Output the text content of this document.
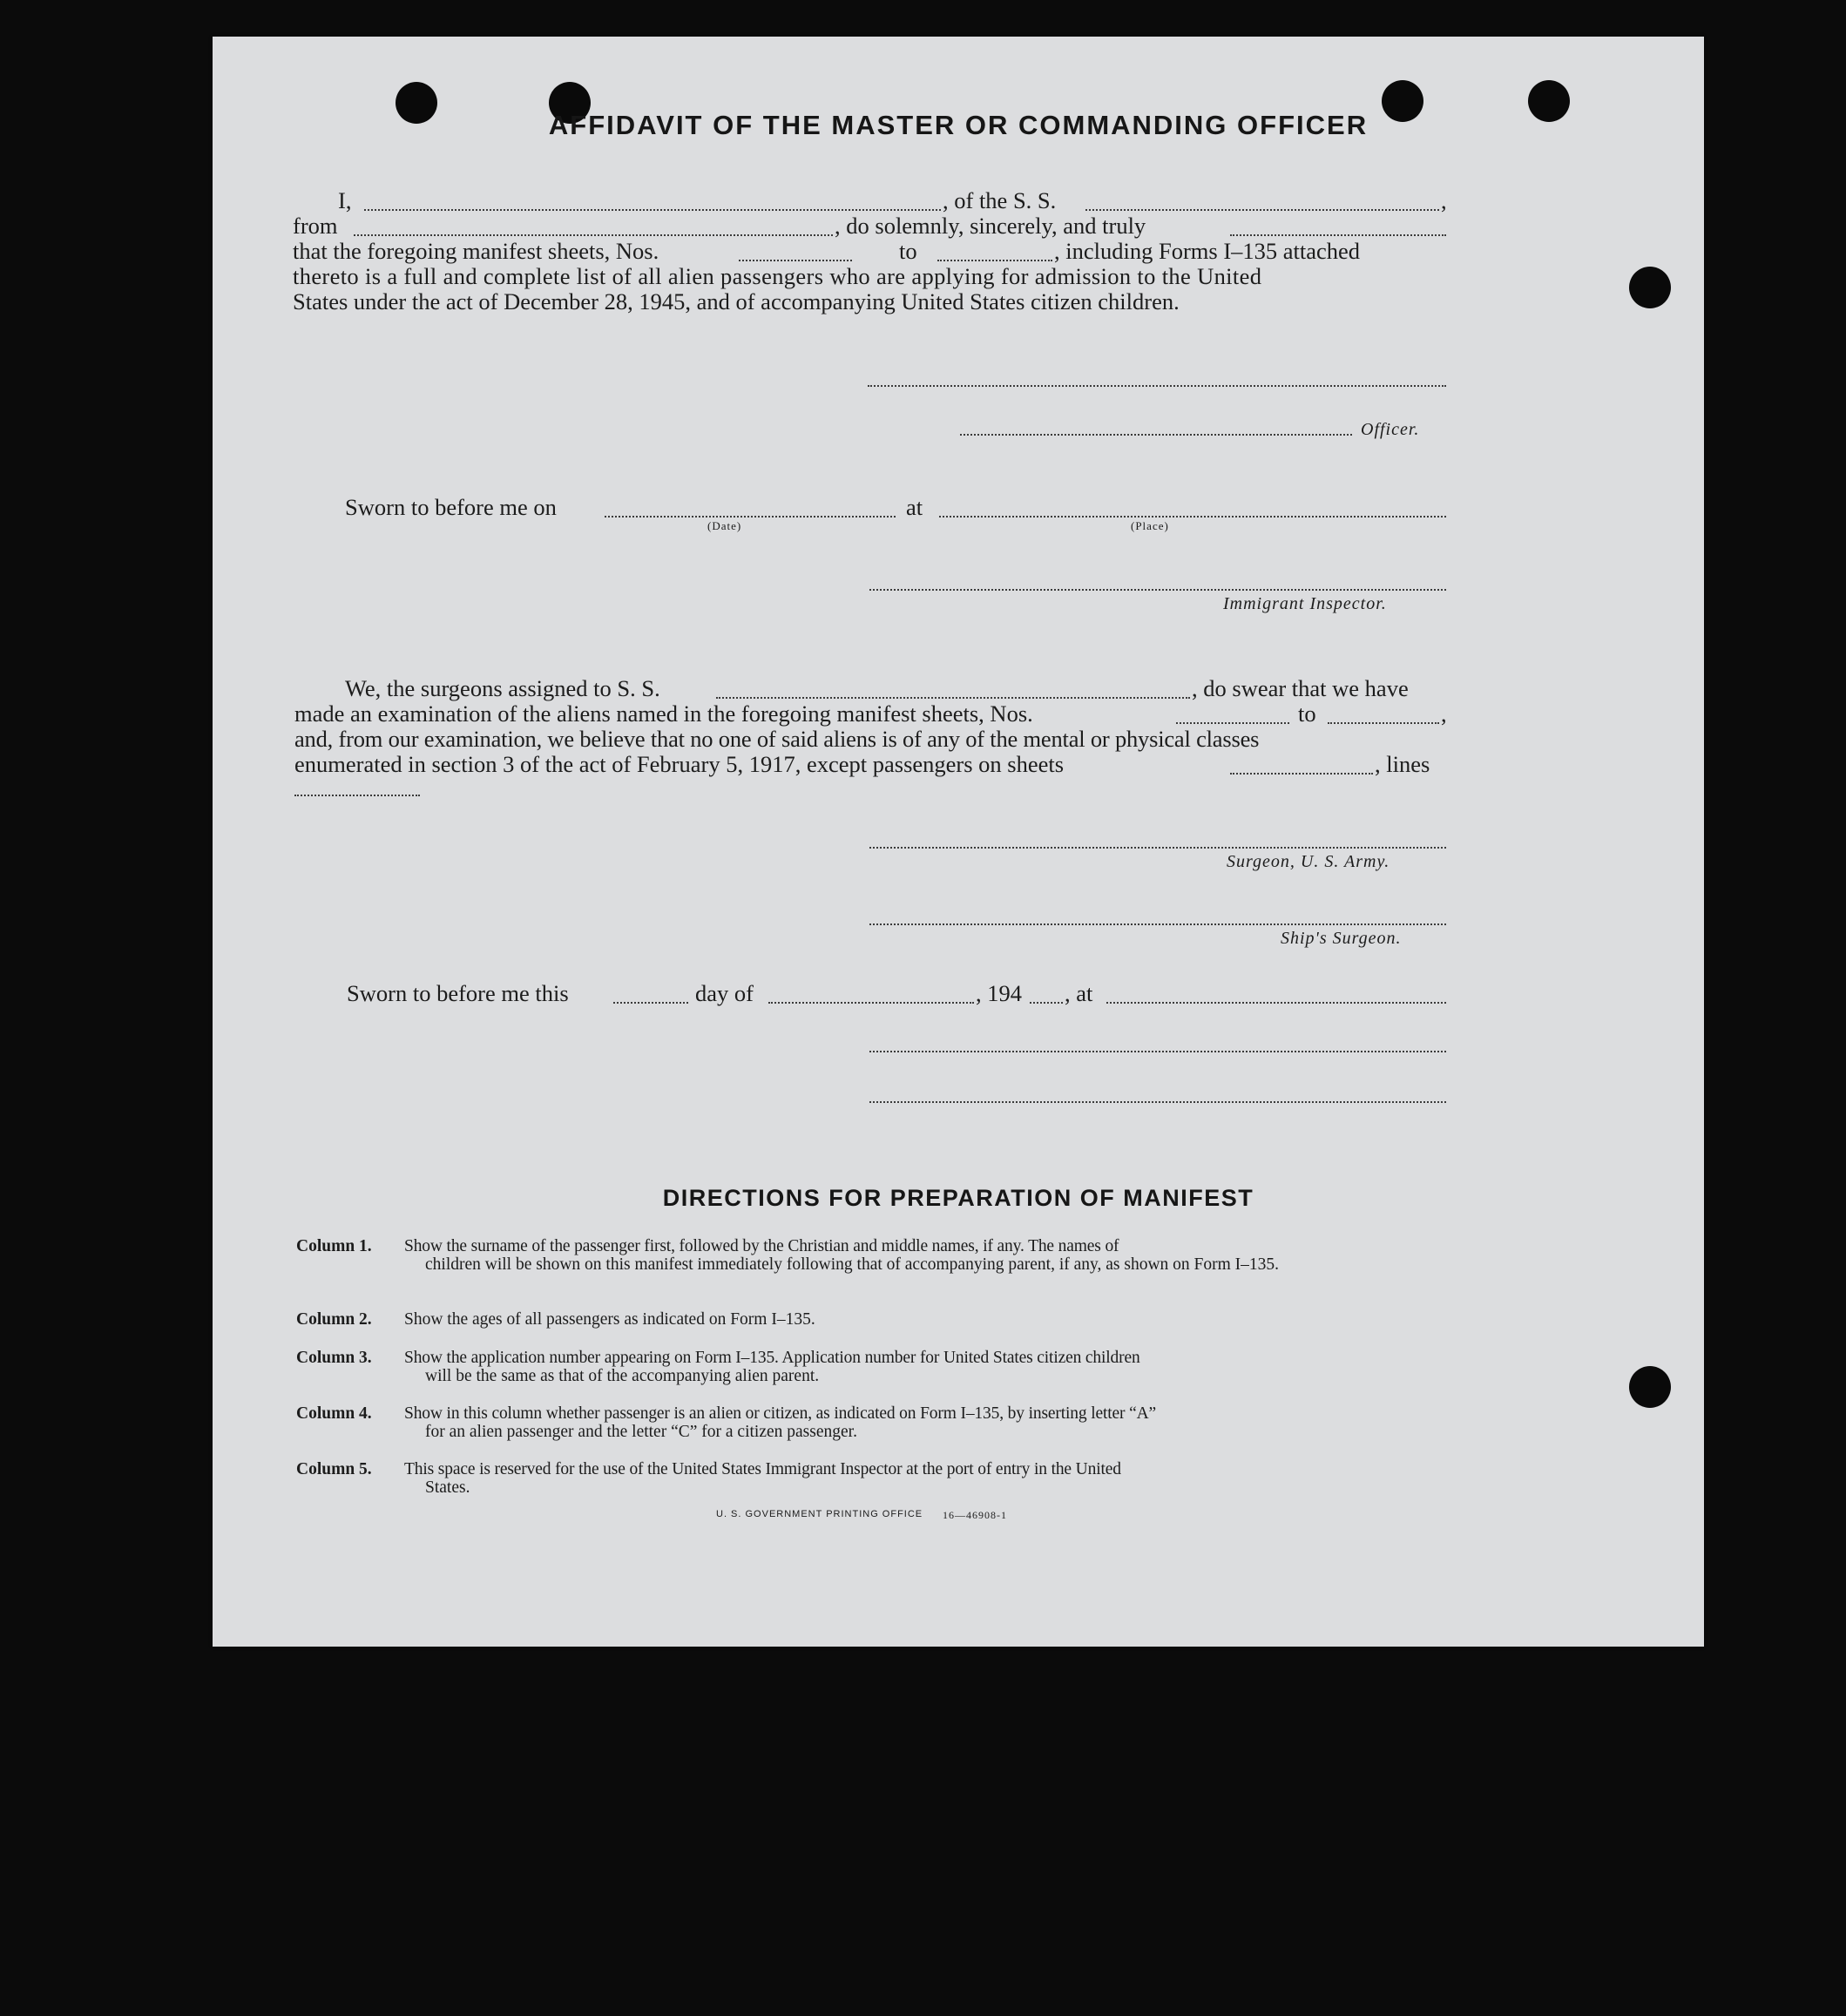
AFFIDAVIT OF THE MASTER OR COMMANDING OFFICER
I,	, of the S. S.	,
from	, do solemnly, sincerely, and truly
that the foregoing manifest sheets, Nos.	to	, including Forms I–135 attached
thereto is a full and complete list of all alien passengers who are applying for admission to the United
States under the act of December 28, 1945, and of accompanying United States citizen children.
Officer.
Sworn to before me on
(Date)
at
(Place)
Immigrant Inspector.
We, the surgeons assigned to S. S.	, do swear that we have
made an examination of the aliens named in the foregoing manifest sheets, Nos.	to	,
and, from our examination, we believe that no one of said aliens is of any of the mental or physical classes
enumerated in section 3 of the act of February 5, 1917, except passengers on sheets	, lines
Surgeon, U. S. Army.
Ship's Surgeon.
Sworn to before me this	day of	, 194 , at
DIRECTIONS FOR PREPARATION OF MANIFEST
Column 1.	Show the surname of the passenger first, followed by the Christian and middle names, if any. The names of
children will be shown on this manifest immediately following that of accompanying parent, if any, as shown on Form I–135.
Column 2.	Show the ages of all passengers as indicated on Form I–135.
Column 3.	Show the application number appearing on Form I–135. Application number for United States citizen children
will be the same as that of the accompanying alien parent.
Column 4.	Show in this column whether passenger is an alien or citizen, as indicated on Form I–135, by inserting letter “A”
for an alien passenger and the letter “C” for a citizen passenger.
Column 5.	This space is reserved for the use of the United States Immigrant Inspector at the port of entry in the United
States.
U. S. GOVERNMENT PRINTING OFFICE 16—46908-1
